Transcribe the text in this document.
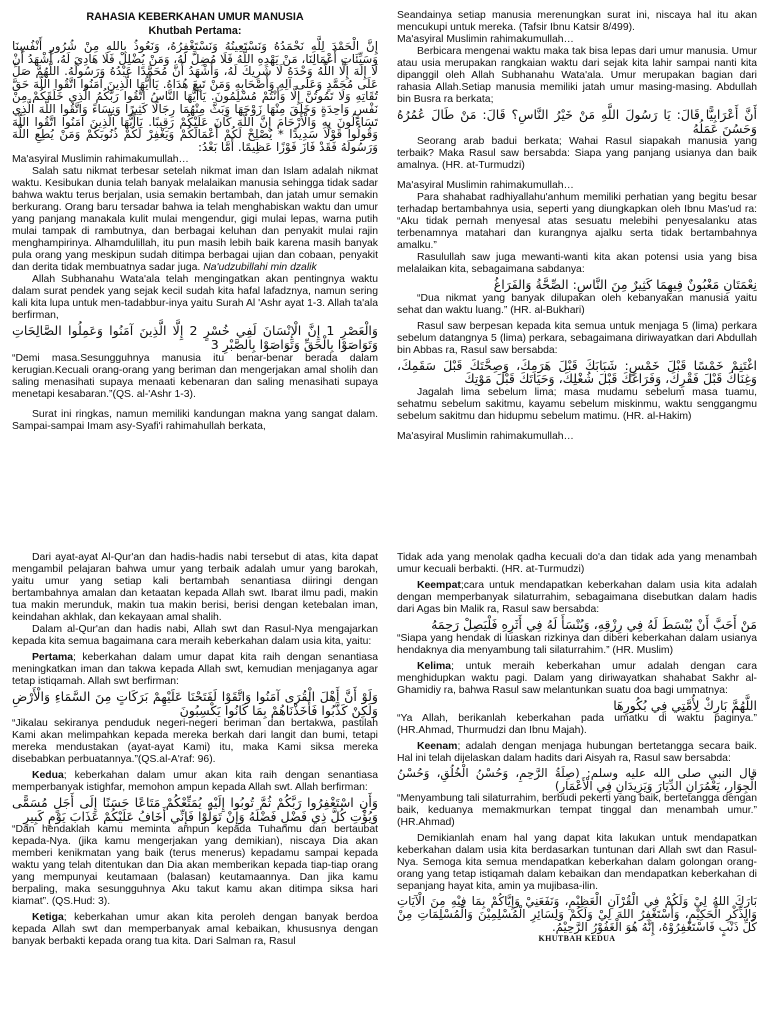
RAHASIA KEBERKAHAN UMUR MANUSIA
Khutbah Pertama:
إِنَّ الْحَمْدَ لِلَّهِ نَحْمَدُهُ وَنَسْتَعِينُهُ وَنَسْتَغْفِرُهُ، وَنَعُوذُ بِاللهِ مِنْ شُرُورِ أَنْفُسِنَا وَسَيِّئَاتِ أَعْمَالِنَا، مَنْ يَهْدِهِ اللَّهُ فَلَا مُضِلَّ لَهُ، وَمَنْ يُضْلِلْ فَلَا هَادِيَ لَهُ، أَشْهَدُ أَنْ لَا إِلَهَ إِلَّا اللَّهُ وَحْدَهُ لَا شَرِيكَ لَهُ، وَأَشْهَدُ أَنَّ مُحَمَّدًا عَبْدُهُ وَرَسُولُهُ. اللَّهُمَّ صَلِّ عَلَى مُحَمَّدٍ وَعَلَى آلِهِ وَأَصْحَابِهِ وَمَنْ تَبِعَ هُدَاهُ. يَاأَيُّهَا الَّذِينَ آمَنُوا اتَّقُوا اللَّهَ حَقَّ تُقَاتِهِ وَلَا تَمُوتُنَّ إِلَّا وَأَنْتُمْ مُسْلِمُونَ. يَاأَيُّهَا النَّاسُ اتَّقُوا رَبَّكُمُ الَّذِي خَلَقَكُمْ مِنْ نَفْسٍ وَاحِدَةٍ وَخَلَقَ مِنْهَا زَوْجَهَا وَبَثَّ مِنْهُمَا رِجَالًا كَثِيرًا وَنِسَاءً وَاتَّقُوا اللَّهَ الَّذِي تَسَاءَلُونَ بِهِ وَالْأَرْحَامَ إِنَّ اللَّهَ كَانَ عَلَيْكُمْ رَقِيبًا. يَاأَيُّهَا الَّذِينَ آمَنُوا اتَّقُوا اللَّهَ وَقُولُوا قَوْلًا سَدِيدًا * يُصْلِحْ لَكُمْ أَعْمَالَكُمْ وَيَغْفِرْ لَكُمْ ذُنُوبَكُمْ وَمَنْ يُطِعِ اللَّهَ وَرَسُولَهُ فَقَدْ فَازَ فَوْزًا عَظِيمًا. أَمَّا بَعْدُ:

Ma'asyiral Muslimin rahimakumullah…

Salah satu nikmat terbesar setelah nikmat iman dan Islam adalah nikmat waktu. Kesibukan dunia telah banyak melalaikan manusia sehingga tidak sadar bahwa waktu terus berjalan, usia semakin bertambah, dan jatah umur semakin berkurang. Orang baru tersadar bahwa ia telah menghabiskan waktu dan umur yang panjang manakala kulit mulai mengendur, gigi mulai lepas, warna putih mulai tampak di rambutnya, dan berbagai keluhan dan penyakit mulai rajin menghampirinya. Alhamdulillah, itu pun masih lebih baik karena masih banyak pula orang yang meskipun sudah ditimpa berbagai ujian dan cobaan, penyakit dan derita tidak membuatnya sadar juga. Na'udzubillahi min dzalik

Allah Subhanahu Wata'ala telah mengingatkan akan pentingnya waktu dalam surat pendek yang sejak kecil sudah kita hafal lafadznya, namun sering kali kita lupa untuk men-tadabbur-inya yaitu Surah Al 'Ashr ayat 1-3. Allah ta'ala berfirman,

وَالْعَصْرِ 1 إِنَّ الْإِنْسَانَ لَفِي خُسْرٍ 2 إِلَّا الَّذِينَ آمَنُوا وَعَمِلُوا الصَّالِحَاتِ وَتَوَاصَوْا بِالْحَقِّ وَتَوَاصَوْا بِالصَّبْرِ 3

“Demi masa.Sesungguhnya manusia itu benar-benar berada dalam kerugian.Kecuali orang-orang yang beriman dan mengerjakan amal sholih dan saling menasihati supaya menaati kebenaran dan saling menasihati supaya menetapi kesabaran.”(QS. al-'Ashr 1-3).

Surat ini ringkas, namun memiliki kandungan makna yang sangat dalam. Sampai-sampai Imam asy-Syafi'i rahimahullah berkata,

Seandainya setiap manusia merenungkan surat ini, niscaya hal itu akan mencukupi untuk mereka. (Tafsir Ibnu Katsir 8/499).

Ma'asyiral Muslimin rahimakumullah…

Berbicara mengenai waktu maka tak bisa lepas dari umur manusia. Umur atau usia merupakan rangkaian waktu dari sejak kita lahir sampai nanti kita dipanggil oleh Allah Subhanahu Wata'ala. Umur merupakan bagian dari rahasia Allah.Setiap manusia memiliki jatah umur masing-masing. Abdullah bin Busra ra berkata;

أَنَّ أَعْرَابِيًّا قَالَ: يَا رَسُولَ اللَّهِ مَنْ خَيْرُ النَّاسِ؟ قَالَ: مَنْ طَالَ عُمُرُهُ وَحَسُنَ عَمَلُهُ

Seorang arab badui berkata; Wahai Rasul siapakah manusia yang terbaik? Maka Rasul saw bersabda: Siapa yang panjang usianya dan baik amalnya. (HR. at-Turmudzi)

Ma'asyiral Muslimin rahimakumullah…

Para shahabat radhiyallahu'anhum memiliki perhatian yang begitu besar terhadap bertambahnya usia, seperti yang diungkapkan oleh Ibnu Mas'ud ra: “Aku tidak pernah menyesal atas sesuatu melebihi penyesalanku atas terbenamnya matahari dan kurangnya ajalku serta tidak bertambahnya amalku.”

Rasulullah saw juga mewanti-wanti kita akan potensi usia yang bisa melalaikan kita, sebagaimana sabdanya:

نِعْمَتَانِ مَغْبُونٌ فِيهِمَا كَثِيرٌ مِنَ النَّاسِ: الصِّحَّةُ وَالفَرَاغُ

“Dua nikmat yang banyak dilupakan oleh kebanyakan manusia yaitu sehat dan waktu luang.” (HR. al-Bukhari)

Rasul saw berpesan kepada kita semua untuk menjaga 5 (lima) perkara sebelum datangnya 5 (lima) perkara, sebagaimana diriwayatkan dari Abdullah bin Abbas ra, Rasul saw bersabda:

اغْتَنِمْ خَمْسًا قَبْلَ خَمْسٍ: شَبَابَكَ قَبْلَ هَرَمِكَ، وَصِحَّتَكَ قَبْلَ سَقَمِكَ، وَغِنَاكَ قَبْلَ فَقْرِكَ، وَفَرَاغَكَ قَبْلَ شُغْلِكَ، وَحَيَاتَكَ قَبْلَ مَوْتِكَ

Jagalah lima sebelum lima; masa mudamu sebelum masa tuamu, sehatmu sebelum sakitmu, kayamu sebelum miskinmu, waktu senggangmu sebelum sakitmu dan hidupmu sebelum matimu. (HR. al-Hakim)

Ma'asyiral Muslimin rahimakumullah…

Dari ayat-ayat Al-Qur'an dan hadis-hadis nabi tersebut di atas, kita dapat mengambil pelajaran bahwa umur yang terbaik adalah umur yang barokah, yaitu umur yang setiap kali bertambah senantiasa diiringi dengan bertambahnya amalan dan ketaatan kepada Allah swt. Ibarat ilmu padi, makin tua makin merunduk, makin tua makin berisi, berisi dengan ketebalan iman, keindahan akhlak, dan kekayaan amal shalih.

Dalam al-Qur'an dan hadis nabi, Allah swt dan Rasul-Nya mengajarkan kepada kita semua bagaimana cara meraih keberkahan dalam usia kita, yaitu:

Pertama; keberkahan dalam umur dapat kita raih dengan senantiasa meningkatkan iman dan takwa kepada Allah swt, kemudian menjaganya agar tetap istiqamah. Allah swt berfirman:

وَلَوْ أَنَّ أَهْلَ الْقُرَى آمَنُوا وَاتَّقَوْا لَفَتَحْنَا عَلَيْهِمْ بَرَكَاتٍ مِنَ السَّمَاءِ وَالْأَرْضِ وَلَكِنْ كَذَّبُوا فَأَخَذْنَاهُمْ بِمَا كَانُوا يَكْسِبُونَ

“Jikalau sekiranya penduduk negeri-negeri beriman dan bertakwa, pastilah Kami akan melimpahkan kepada mereka berkah dari langit dan bumi, tetapi mereka mendustakan (ayat-ayat Kami) itu, maka Kami siksa mereka disebabkan perbuatannya.”(QS.al-A'raf: 96).

Kedua; keberkahan dalam umur akan kita raih dengan senantiasa memperbanyak istighfar, memohon ampun kepada Allah swt. Allah berfirman:

وَأَنِ اسْتَغْفِرُوا رَبَّكُمْ ثُمَّ تُوبُوا إِلَيْهِ يُمَتِّعْكُمْ مَتَاعًا حَسَنًا إِلَى أَجَلٍ مُسَمًّى وَيُؤْتِ كُلَّ ذِي فَضْلٍ فَضْلَهُ وَإِنْ تَوَلَّوْا فَإِنِّي أَخَافُ عَلَيْكُمْ عَذَابَ يَوْمٍ كَبِيرٍ

“Dan hendaklah kamu meminta ampun kepada Tuhanmu dan bertaubat kepada-Nya. (jika kamu mengerjakan yang demikian), niscaya Dia akan memberi kenikmatan yang baik (terus menerus) kepadamu sampai kepada waktu yang telah ditentukan dan Dia akan memberikan kepada tiap-tiap orang yang mempunyai keutamaan (balasan) keutamaannya. Dan jika kamu berpaling, maka sesungguhnya Aku takut kamu akan ditimpa siksa hari kiamat”. (QS.Hud: 3).

Ketiga; keberkahan umur akan kita peroleh dengan banyak berdoa kepada Allah swt dan memperbanyak amal kebaikan, khususnya dengan banyak berbakti kepada orang tua kita. Dari Salman ra, Rasul

Tidak ada yang menolak qadha kecuali do'a dan tidak ada yang menambah umur kecuali berbakti. (HR. at-Turmudzi)

Keempat;cara untuk mendapatkan keberkahan dalam usia kita adalah dengan memperbanyak silaturrahim, sebagaimana disebutkan dalam hadis dari Agas bin Malik ra, Rasul saw bersabda:

مَنْ أَحَبَّ أَنْ يُبْسَطَ لَهُ فِي رِزْقِهِ، وَيُنْسَأَ لَهُ فِي أَثَرِهِ فَلْيَصِلْ رَحِمَهُ

“Siapa yang hendak di luaskan rizkinya dan diberi keberkahan dalam usianya hendaknya dia menyambung tali silaturrahim.” (HR. Muslim)

Kelima; untuk meraih keberkahan umur adalah dengan cara menghidupkan waktu pagi. Dalam yang diriwayatkan shahabat Sakhr al-Ghamidiy ra, bahwa Rasul saw melantunkan suatu doa bagi ummatnya:

اللَّهُمَّ بَارِكْ لِأُمَّتِي فِي بُكُورِهَا

“Ya Allah, berikanlah keberkahan pada umatku di waktu paginya.” (HR.Ahmad, Thurmudzi dan Ibnu Majah).

Keenam; adalah dengan menjaga hubungan bertetangga secara baik. Hal ini telah dijelaskan dalam hadits dari Aisyah ra, Rasul saw bersabda:

قال النبي صلى الله عليه وسلم: (صِلَةُ الرَّحِمِ، وَحُسْنُ الْخُلُقِ، وَحُسْنُ الْجِوَارِ، يَعْمُرَانِ الدِّيَارَ وَيَزِيدَانِ فِي الْأَعْمَارِ)

“Menyambung tali silaturrahim, berbudi pekerti yang baik, bertetangga dengan baik, keduanya memakmurkan tempat tinggal dan menambah umur.” (HR.Ahmad)

Demikianlah enam hal yang dapat kita lakukan untuk mendapatkan keberkahan dalam usia kita berdasarkan tuntunan dari Allah swt dan Rasul-Nya. Semoga kita semua mendapatkan keberkahan dalam golongan orang-orang yang tetap istiqamah dalam kebaikan dan mendapatkan keberkahan di sepanjang hayat kita, amin ya mujibasa-ilin.

بَارَكَ اللهُ لِيْ وَلَكُمْ فِي الْقُرْآنِ الْعَظِيْمِ، وَنَفَعَنِيْ وَإِيَّاكُمْ بِمَا فِيْهِ مِنَ الْآيَاتِ وَالذِّكْرِ الْحَكِيْمِ، وَأَسْتَغْفِرُ اللهَ لِيْ وَلَكُمْ وَلِسَائِرِ الْمُسْلِمِيْنَ وَالْمُسْلِمَاتِ مِنْ كُلِّ ذَنْبٍ فَاسْتَغْفِرُوْهُ، إِنَّهُ هُوَ الْغَفُوْرُ الرَّحِيْمُ.
KHUTBAH KEDUA
